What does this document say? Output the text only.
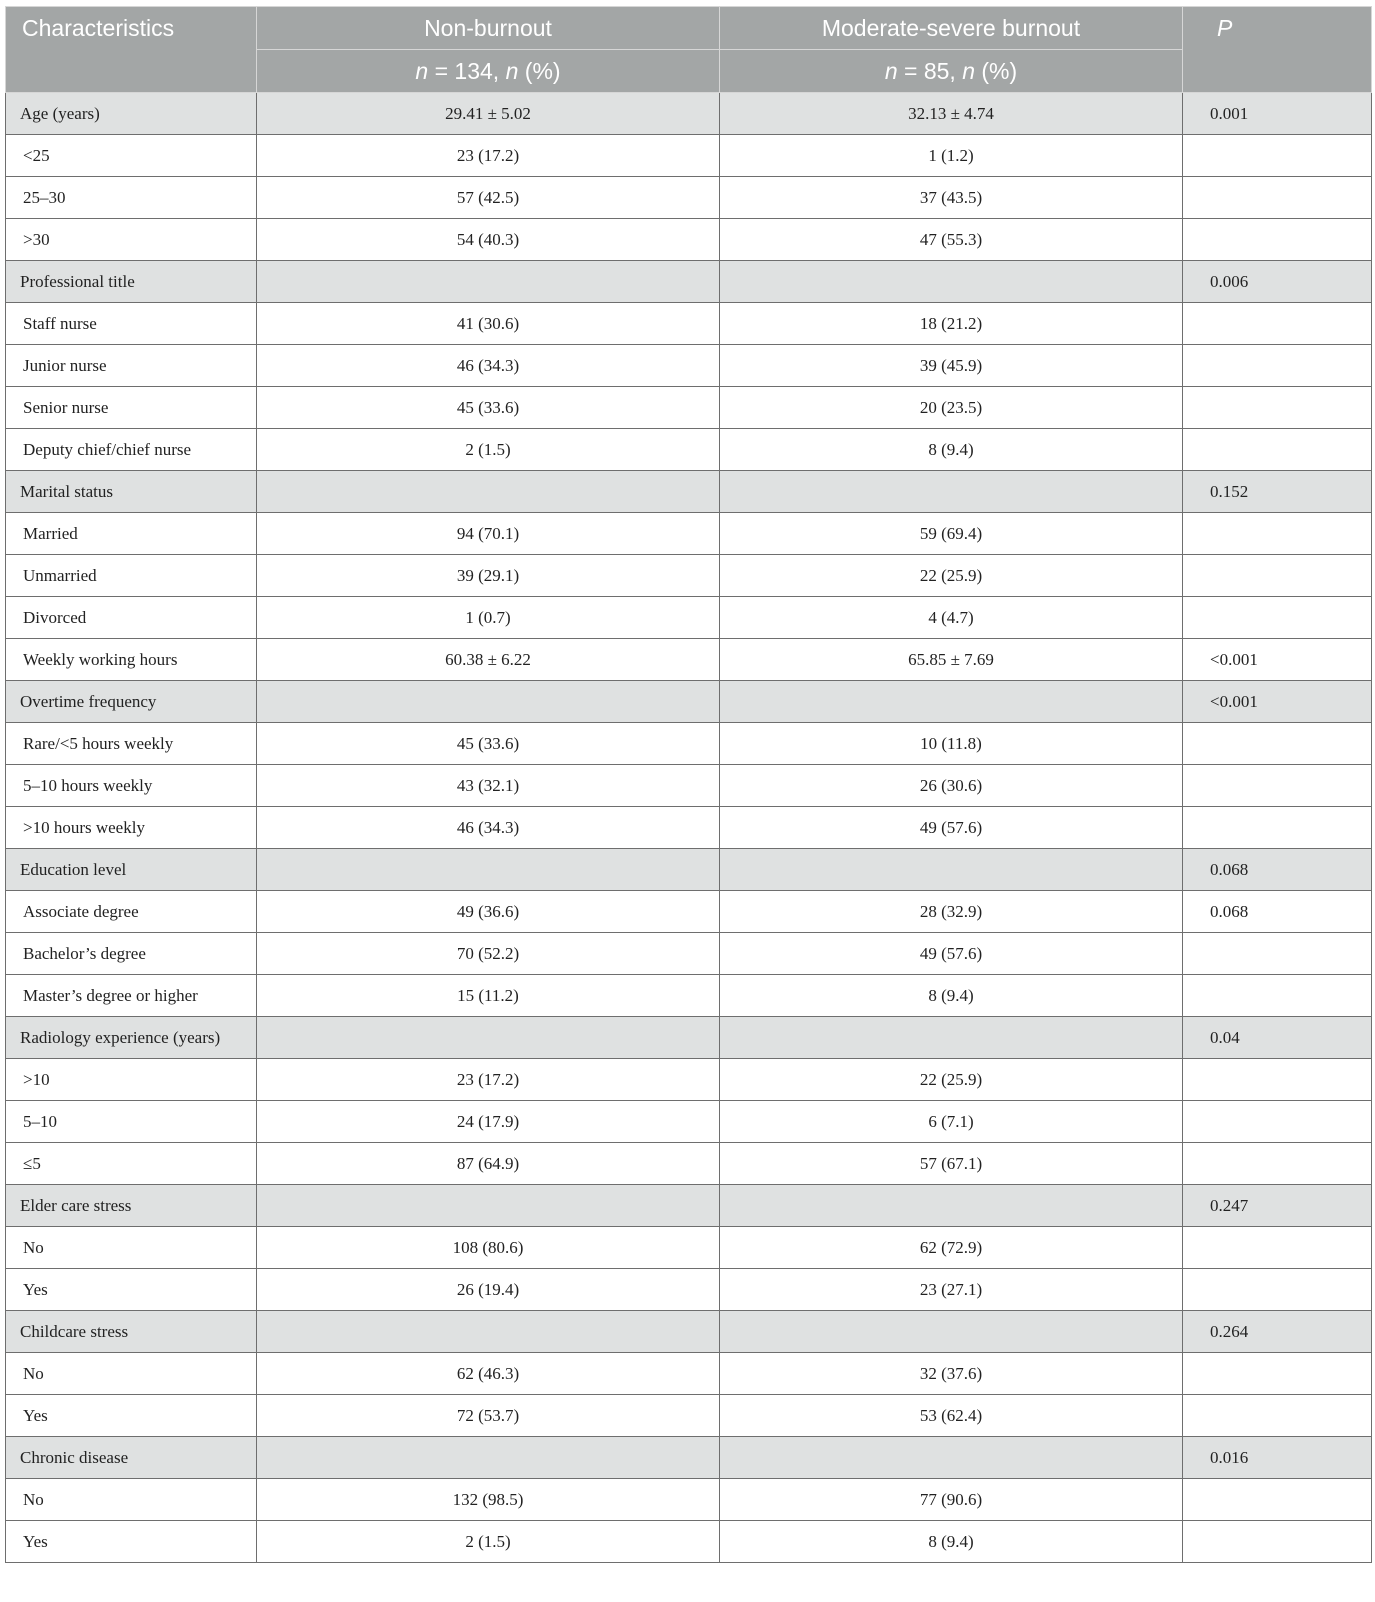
Characteristics	Non-burnout	Moderate-severe burnout	P
	n = 134, n (%)	n = 85, n (%)	
Age (years)	29.41 ± 5.02	32.13 ± 4.74	0.001
<25	23 (17.2)	1 (1.2)	
25–30	57 (42.5)	37 (43.5)	
>30	54 (40.3)	47 (55.3)	
Professional title			0.006
Staff nurse	41 (30.6)	18 (21.2)	
Junior nurse	46 (34.3)	39 (45.9)	
Senior nurse	45 (33.6)	20 (23.5)	
Deputy chief/chief nurse	2 (1.5)	8 (9.4)	
Marital status			0.152
Married	94 (70.1)	59 (69.4)	
Unmarried	39 (29.1)	22 (25.9)	
Divorced	1 (0.7)	4 (4.7)	
Weekly working hours	60.38 ± 6.22	65.85 ± 7.69	<0.001
Overtime frequency			<0.001
Rare/<5 hours weekly	45 (33.6)	10 (11.8)	
5–10 hours weekly	43 (32.1)	26 (30.6)	
>10 hours weekly	46 (34.3)	49 (57.6)	
Education level			0.068
Associate degree	49 (36.6)	28 (32.9)	0.068
Bachelor’s degree	70 (52.2)	49 (57.6)	
Master’s degree or higher	15 (11.2)	8 (9.4)	
Radiology experience (years)			0.04
>10	23 (17.2)	22 (25.9)	
5–10	24 (17.9)	6 (7.1)	
≤5	87 (64.9)	57 (67.1)	
Elder care stress			0.247
No	108 (80.6)	62 (72.9)	
Yes	26 (19.4)	23 (27.1)	
Childcare stress			0.264
No	62 (46.3)	32 (37.6)	
Yes	72 (53.7)	53 (62.4)	
Chronic disease			0.016
No	132 (98.5)	77 (90.6)	
Yes	2 (1.5)	8 (9.4)	
